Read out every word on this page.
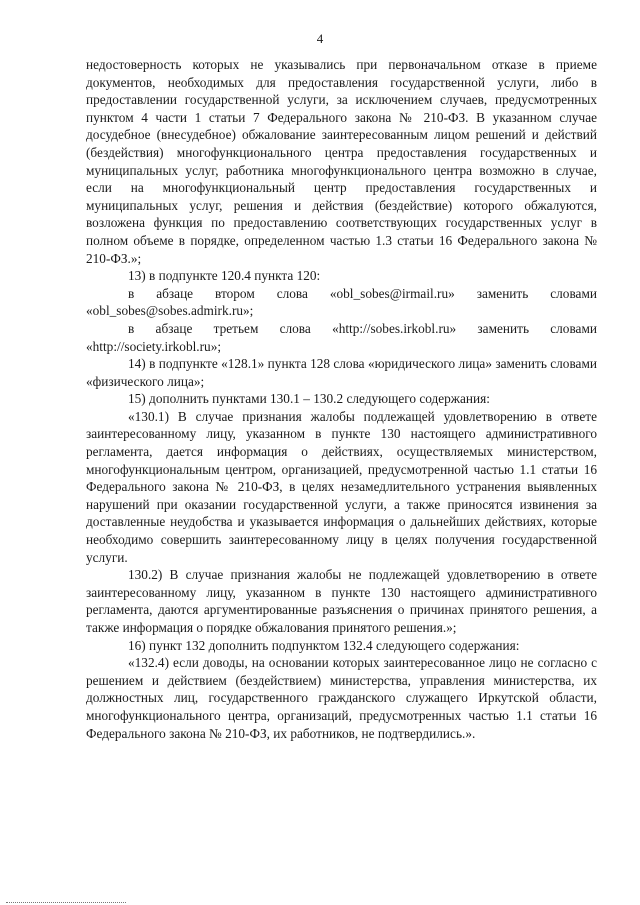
4

недостоверность которых не указывались при первоначальном отказе в приеме документов, необходимых для предоставления государственной услуги, либо в предоставлении государственной услуги, за исключением случаев, предусмотренных пунктом 4 части 1 статьи 7 Федерального закона № 210-ФЗ. В указанном случае досудебное (внесудебное) обжалование заинтересованным лицом решений и действий (бездействия) многофункционального центра предоставления государственных и муниципальных услуг, работника многофункционального центра возможно в случае, если на многофункциональный центр предоставления государственных и муниципальных услуг, решения и действия (бездействие) которого обжалуются, возложена функция по предоставлению соответствующих государственных услуг в полном объеме в порядке, определенном частью 1.3 статьи 16 Федерального закона № 210-ФЗ.»;

13) в подпункте 120.4 пункта 120:

в абзаце втором слова «obl_sobes@irmail.ru» заменить словами «obl_sobes@sobes.admirk.ru»;

в абзаце третьем слова «http://sobes.irkobl.ru» заменить словами «http://society.irkobl.ru»;

14) в подпункте «128.1» пункта 128 слова «юридического лица» заменить словами «физического лица»;

15) дополнить пунктами 130.1 – 130.2 следующего содержания:

«130.1) В случае признания жалобы подлежащей удовлетворению в ответе заинтересованному лицу, указанном в пункте 130 настоящего административного регламента, дается информация о действиях, осуществляемых министерством, многофункциональным центром, организацией, предусмотренной частью 1.1 статьи 16 Федерального закона № 210-ФЗ, в целях незамедлительного устранения выявленных нарушений при оказании государственной услуги, а также приносятся извинения за доставленные неудобства и указывается информация о дальнейших действиях, которые необходимо совершить заинтересованному лицу в целях получения государственной услуги.

130.2) В случае признания жалобы не подлежащей удовлетворению в ответе заинтересованному лицу, указанном в пункте 130 настоящего административного регламента, даются аргументированные разъяснения о причинах принятого решения, а также информация о порядке обжалования принятого решения.»;

16) пункт 132 дополнить подпунктом 132.4 следующего содержания:

«132.4) если доводы, на основании которых заинтересованное лицо не согласно с решением и действием (бездействием) министерства, управления министерства, их должностных лиц, государственного гражданского служащего Иркутской области, многофункционального центра, организаций, предусмотренных частью 1.1 статьи 16 Федерального закона № 210-ФЗ, их работников, не подтвердились.».
